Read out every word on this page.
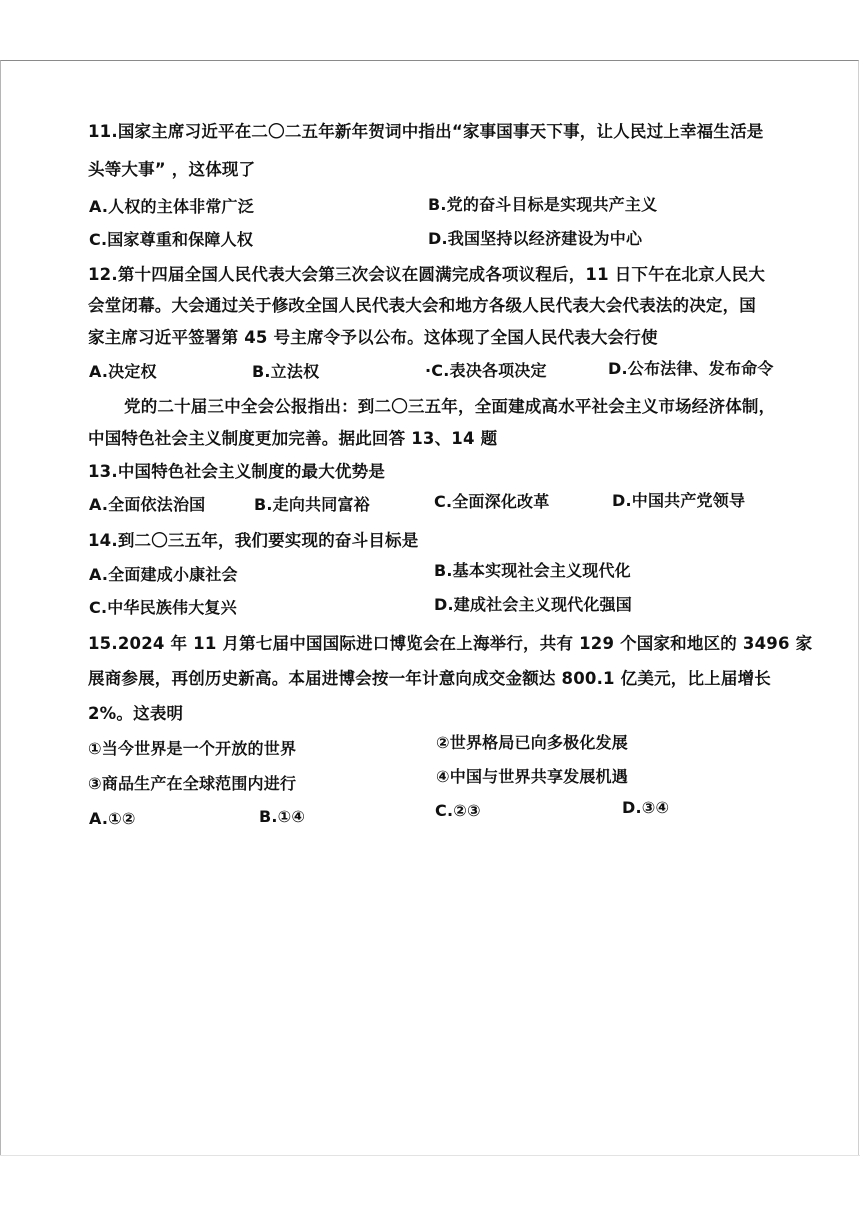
11.国家主席习近平在二〇二五年新年贺词中指出“家事国事天下事，让人民过上幸福生活是
头等大事” ，这体现了
A.人权的主体非常广泛	B.党的奋斗目标是实现共产主义
C.国家尊重和保障人权	D.我国坚持以经济建设为中心
12.第十四届全国人民代表大会第三次会议在圆满完成各项议程后，11 日下午在北京人民大
会堂闭幕。大会通过关于修改全国人民代表大会和地方各级人民代表大会代表法的决定，国
家主席习近平签署第 45 号主席令予以公布。这体现了全国人民代表大会行使
A.决定权	B.立法权	·C.表决各项决定	D.公布法律、发布命令
党的二十届三中全会公报指出：到二〇三五年，全面建成高水平社会主义市场经济体制，
中国特色社会主义制度更加完善。据此回答 13、14 题
13.中国特色社会主义制度的最大优势是
A.全面依法治国	B.走向共同富裕	C.全面深化改革	D.中国共产党领导
14.到二〇三五年，我们要实现的奋斗目标是
A.全面建成小康社会	B.基本实现社会主义现代化
C.中华民族伟大复兴	D.建成社会主义现代化强国
15.2024 年 11 月第七届中国国际进口博览会在上海举行，共有 129 个国家和地区的 3496 家
展商参展，再创历史新高。本届进博会按一年计意向成交金额达 800.1 亿美元，比上届增长
2%。这表明
①当今世界是一个开放的世界	②世界格局已向多极化发展
③商品生产在全球范围内进行	④中国与世界共享发展机遇
A.①②	B.①④	C.②③	D.③④
